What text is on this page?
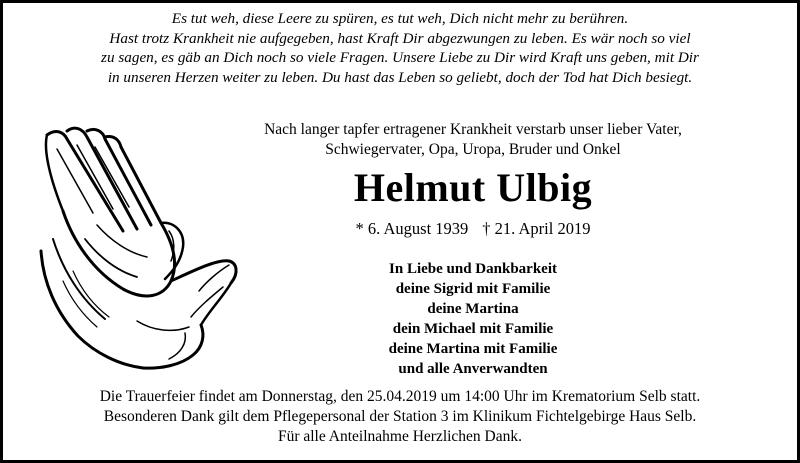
Es tut weh, diese Leere zu spüren, es tut weh, Dich nicht mehr zu berühren.
Hast trotz Krankheit nie aufgegeben, hast Kraft Dir abgezwungen zu leben. Es wär noch so viel
zu sagen, es gäb an Dich noch so viele Fragen. Unsere Liebe zu Dir wird Kraft uns geben, mit Dir
in unseren Herzen weiter zu leben. Du hast das Leben so geliebt, doch der Tod hat Dich besiegt.
Nach langer tapfer ertragener Krankheit verstarb unser lieber Vater,
Schwiegervater, Opa, Uropa, Bruder und Onkel
Helmut Ulbig
* 6. August 1939 † 21. April 2019
In Liebe und Dankbarkeit
deine Sigrid mit Familie
deine Martina
dein Michael mit Familie
deine Martina mit Familie
und alle Anverwandten
Die Trauerfeier findet am Donnerstag, den 25.04.2019 um 14:00 Uhr im Krematorium Selb statt.
Besonderen Dank gilt dem Pflegepersonal der Station 3 im Klinikum Fichtelgebirge Haus Selb.
Für alle Anteilnahme Herzlichen Dank.
